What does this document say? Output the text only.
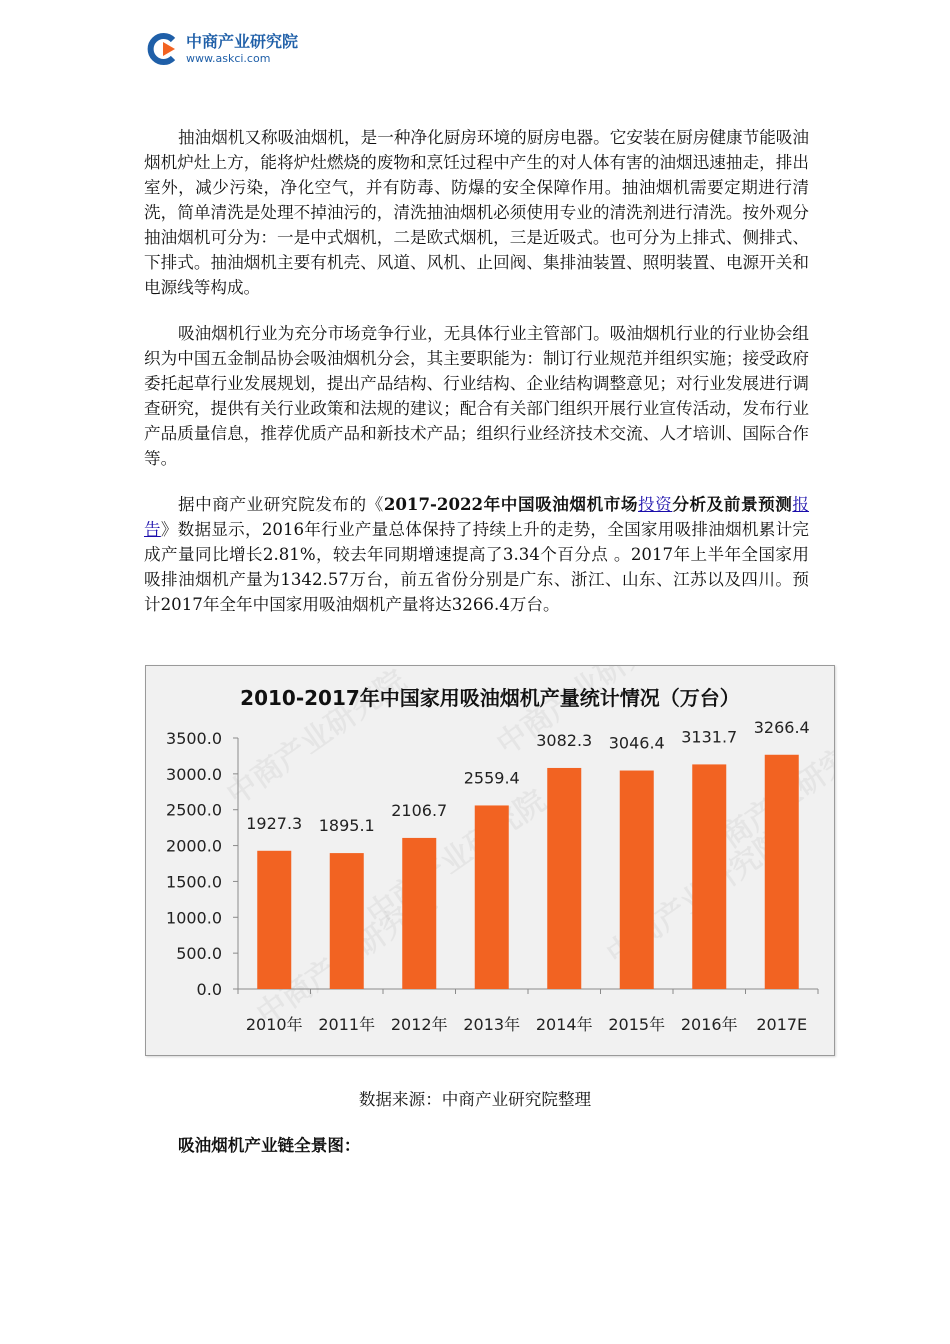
中商产业研究院
www.askci.com

抽油烟机又称吸油烟机，是一种净化厨房环境的厨房电器。它安装在厨房健康节能吸油烟机炉灶上方，能将炉灶燃烧的废物和烹饪过程中产生的对人体有害的油烟迅速抽走，排出室外，减少污染，净化空气，并有防毒、防爆的安全保障作用。抽油烟机需要定期进行清洗，简单清洗是处理不掉油污的，清洗抽油烟机必须使用专业的清洗剂进行清洗。按外观分抽油烟机可分为：一是中式烟机，二是欧式烟机，三是近吸式。也可分为上排式、侧排式、下排式。抽油烟机主要有机壳、风道、风机、止回阀、集排油装置、照明装置、电源开关和电源线等构成。

吸油烟机行业为充分市场竞争行业，无具体行业主管部门。吸油烟机行业的行业协会组织为中国五金制品协会吸油烟机分会，其主要职能为：制订行业规范并组织实施；接受政府委托起草行业发展规划，提出产品结构、行业结构、企业结构调整意见；对行业发展进行调查研究，提供有关行业政策和法规的建议；配合有关部门组织开展行业宣传活动，发布行业产品质量信息，推荐优质产品和新技术产品；组织行业经济技术交流、人才培训、国际合作等。

据中商产业研究院发布的《2017-2022年中国吸油烟机市场投资分析及前景预测报告》数据显示，2016年行业产量总体保持了持续上升的走势，全国家用吸排油烟机累计完成产量同比增长2.81%，较去年同期增速提高了3.34个百分点 。2017年上半年全国家用吸排油烟机产量为1342.57万台，前五省份分别是广东、浙江、山东、江苏以及四川。预计2017年全年中国家用吸油烟机产量将达3266.4万台。

2010-2017年中国家用吸油烟机产量统计情况（万台）
0.0
500.0
1000.0
1500.0
2000.0
2500.0
3000.0
3500.0
1927.3
2010年
1895.1
2011年
2106.7
2012年
2559.4
2013年
3082.3
2014年
3046.4
2015年
3131.7
2016年
3266.4
2017E
数据来源：中商产业研究院整理
吸油烟机产业链全景图：
